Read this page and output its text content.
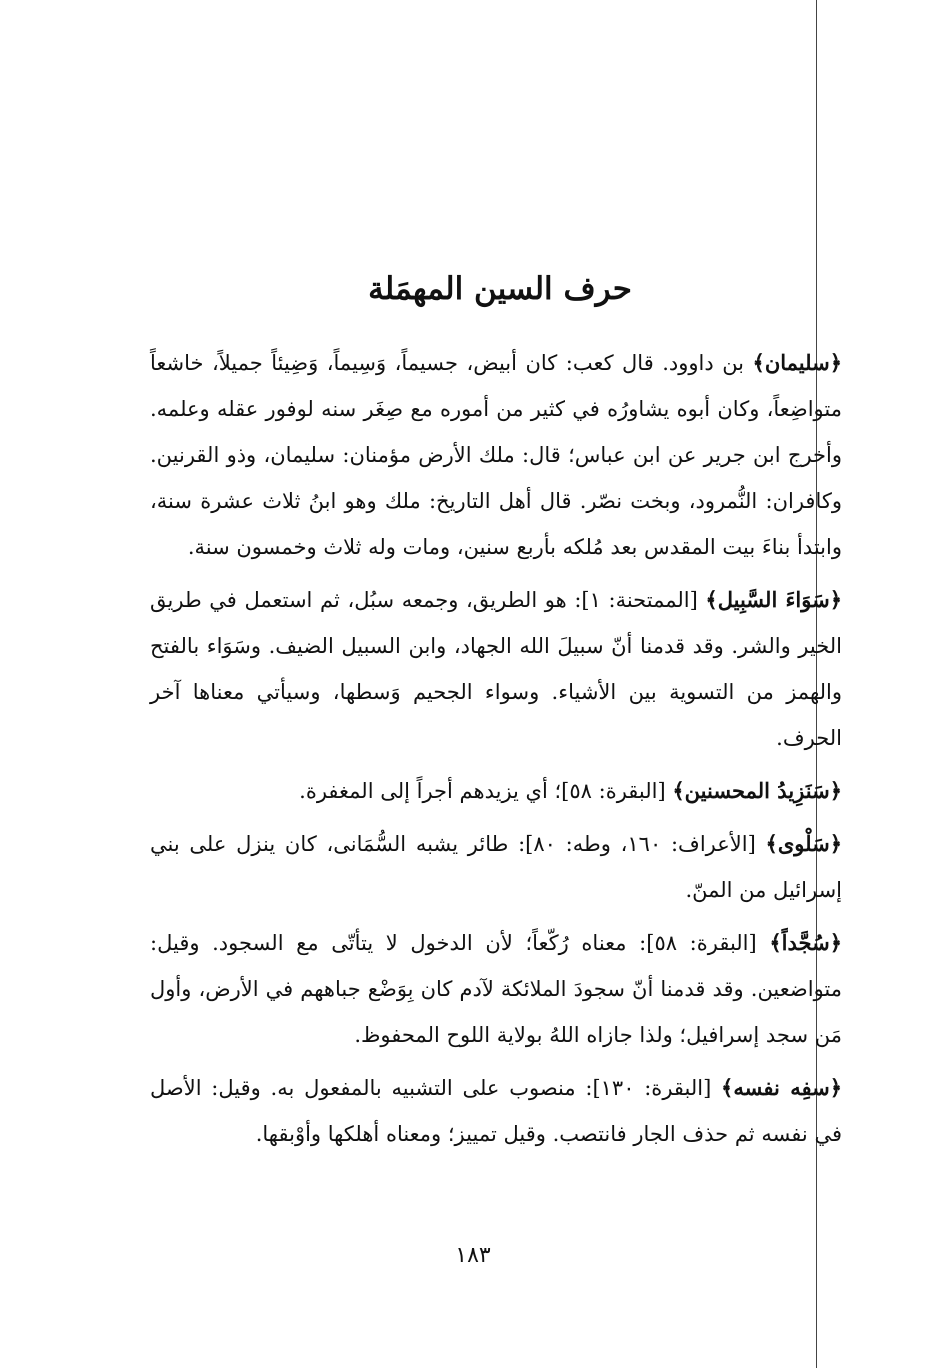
حرف السين المهمَلة

﴿سليمان﴾ بن داوود. قال كعب: كان أبيض، جسيماً، وَسِيماً، وَضِيئاً جميلاً، خاشعاً متواضِعاً، وكان أبوه يشاورُه في كثير من أموره مع صِغَر سنه لوفور عقله وعلمه. وأخرج ابن جرير عن ابن عباس؛ قال: ملك الأرض مؤمنان: سليمان، وذو القرنين. وكافران: النُّمرود، وبخت نصّر. قال أهل التاريخ: ملك وهو ابنُ ثلاث عشرة سنة، وابتدأ بناءَ بيت المقدس بعد مُلكه بأربع سنين، ومات وله ثلاث وخمسون سنة.

﴿سَوَاءَ السَّبِيل﴾ [الممتحنة: ١]: هو الطريق، وجمعه سبُل، ثم استعمل في طريق الخير والشر. وقد قدمنا أنّ سبيلَ الله الجهاد، وابن السبيل الضيف. وسَوَاء بالفتح والهمز من التسوية بين الأشياء. وسواء الجحيم وَسطها، وسيأتي معناها آخر الحرف.

﴿سَنَزِيدُ المحسنين﴾ [البقرة: ٥٨]؛ أي يزيدهم أجراً إلى المغفرة.

﴿سَلْوى﴾ [الأعراف: ١٦٠، وطه: ٨٠]: طائر يشبه السُّمَانى، كان ينزل على بني إسرائيل من المنّ.

﴿سُجَّداً﴾ [البقرة: ٥٨]: معناه رُكّعاً؛ لأن الدخول لا يتأتّى مع السجود. وقيل: متواضعين. وقد قدمنا أنّ سجودَ الملائكة لآدم كان بِوَضْع جباههم في الأرض، وأول مَن سجد إسرافيل؛ ولذا جازاه اللهُ بولاية اللوح المحفوظ.

﴿سفِه نفسه﴾ [البقرة: ١٣٠]: منصوب على التشبيه بالمفعول به. وقيل: الأصل في نفسه ثم حذف الجار فانتصب. وقيل تمييز؛ ومعناه أهلكها وأوْبقها.

١٨٣
